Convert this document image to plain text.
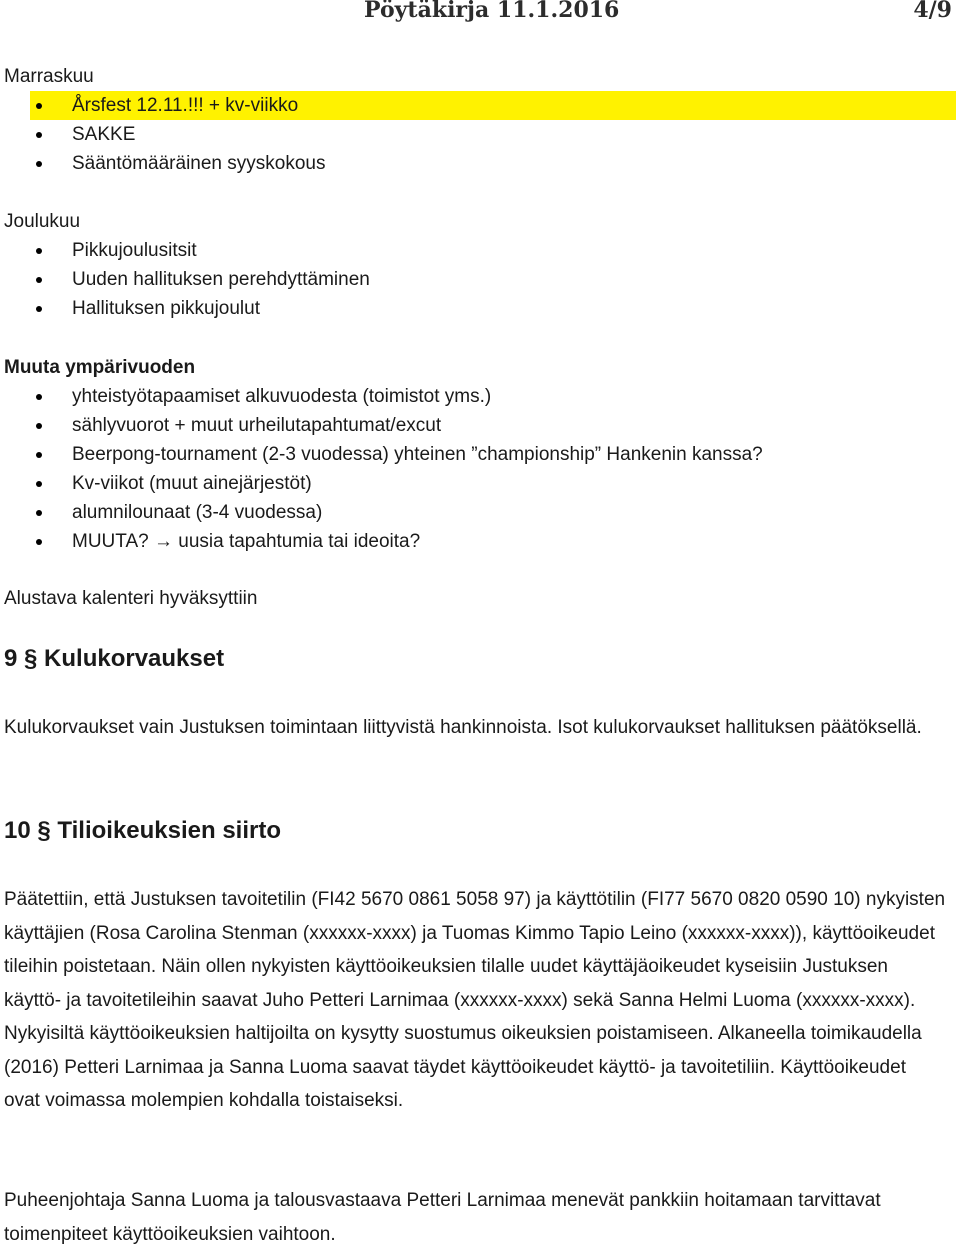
Pöytäkirja 11.1.2016	4/9

Marraskuu

Årsfest 12.11.!!! + kv-viikko
SAKKE
Sääntömääräinen syyskokous

Joulukuu

Pikkujoulusitsit
Uuden hallituksen perehdyttäminen
Hallituksen pikkujoulut

Muuta ympärivuoden

yhteistyötapaamiset alkuvuodesta (toimistot yms.)
sählyvuorot + muut urheilutapahtumat/excut
Beerpong-tournament (2-3 vuodessa) yhteinen ”championship” Hankenin kanssa?
Kv-viikot (muut ainejärjestöt)
alumnilounaat (3-4 vuodessa)
MUUTA? → uusia tapahtumia tai ideoita?

Alustava kalenteri hyväksyttiin

9 § Kulukorvaukset

Kulukorvaukset vain Justuksen toimintaan liittyvistä hankinnoista. Isot kulukorvaukset hallituksen päätöksellä.

10 § Tilioikeuksien siirto

Päätettiin, että Justuksen tavoitetilin (FI42 5670 0861 5058 97) ja käyttötilin (FI77 5670 0820 0590 10) nykyisten käyttäjien (Rosa Carolina Stenman (xxxxxx-xxxx) ja Tuomas Kimmo Tapio Leino (xxxxxx-xxxx)), käyttöoikeudet tileihin poistetaan. Näin ollen nykyisten käyttöoikeuksien tilalle uudet käyttäjäoikeudet kyseisiin Justuksen käyttö- ja tavoitetileihin saavat Juho Petteri Larnimaa (xxxxxx-xxxx) sekä Sanna Helmi Luoma (xxxxxx-xxxx). Nykyisiltä käyttöoikeuksien haltijoilta on kysytty suostumus oikeuksien poistamiseen. Alkaneella toimikaudella (2016) Petteri Larnimaa ja Sanna Luoma saavat täydet käyttöoikeudet käyttö- ja tavoitetiliin. Käyttöoikeudet ovat voimassa molempien kohdalla toistaiseksi.

Puheenjohtaja Sanna Luoma ja talousvastaava Petteri Larnimaa menevät pankkiin hoitamaan tarvittavat toimenpiteet käyttöoikeuksien vaihtoon.
